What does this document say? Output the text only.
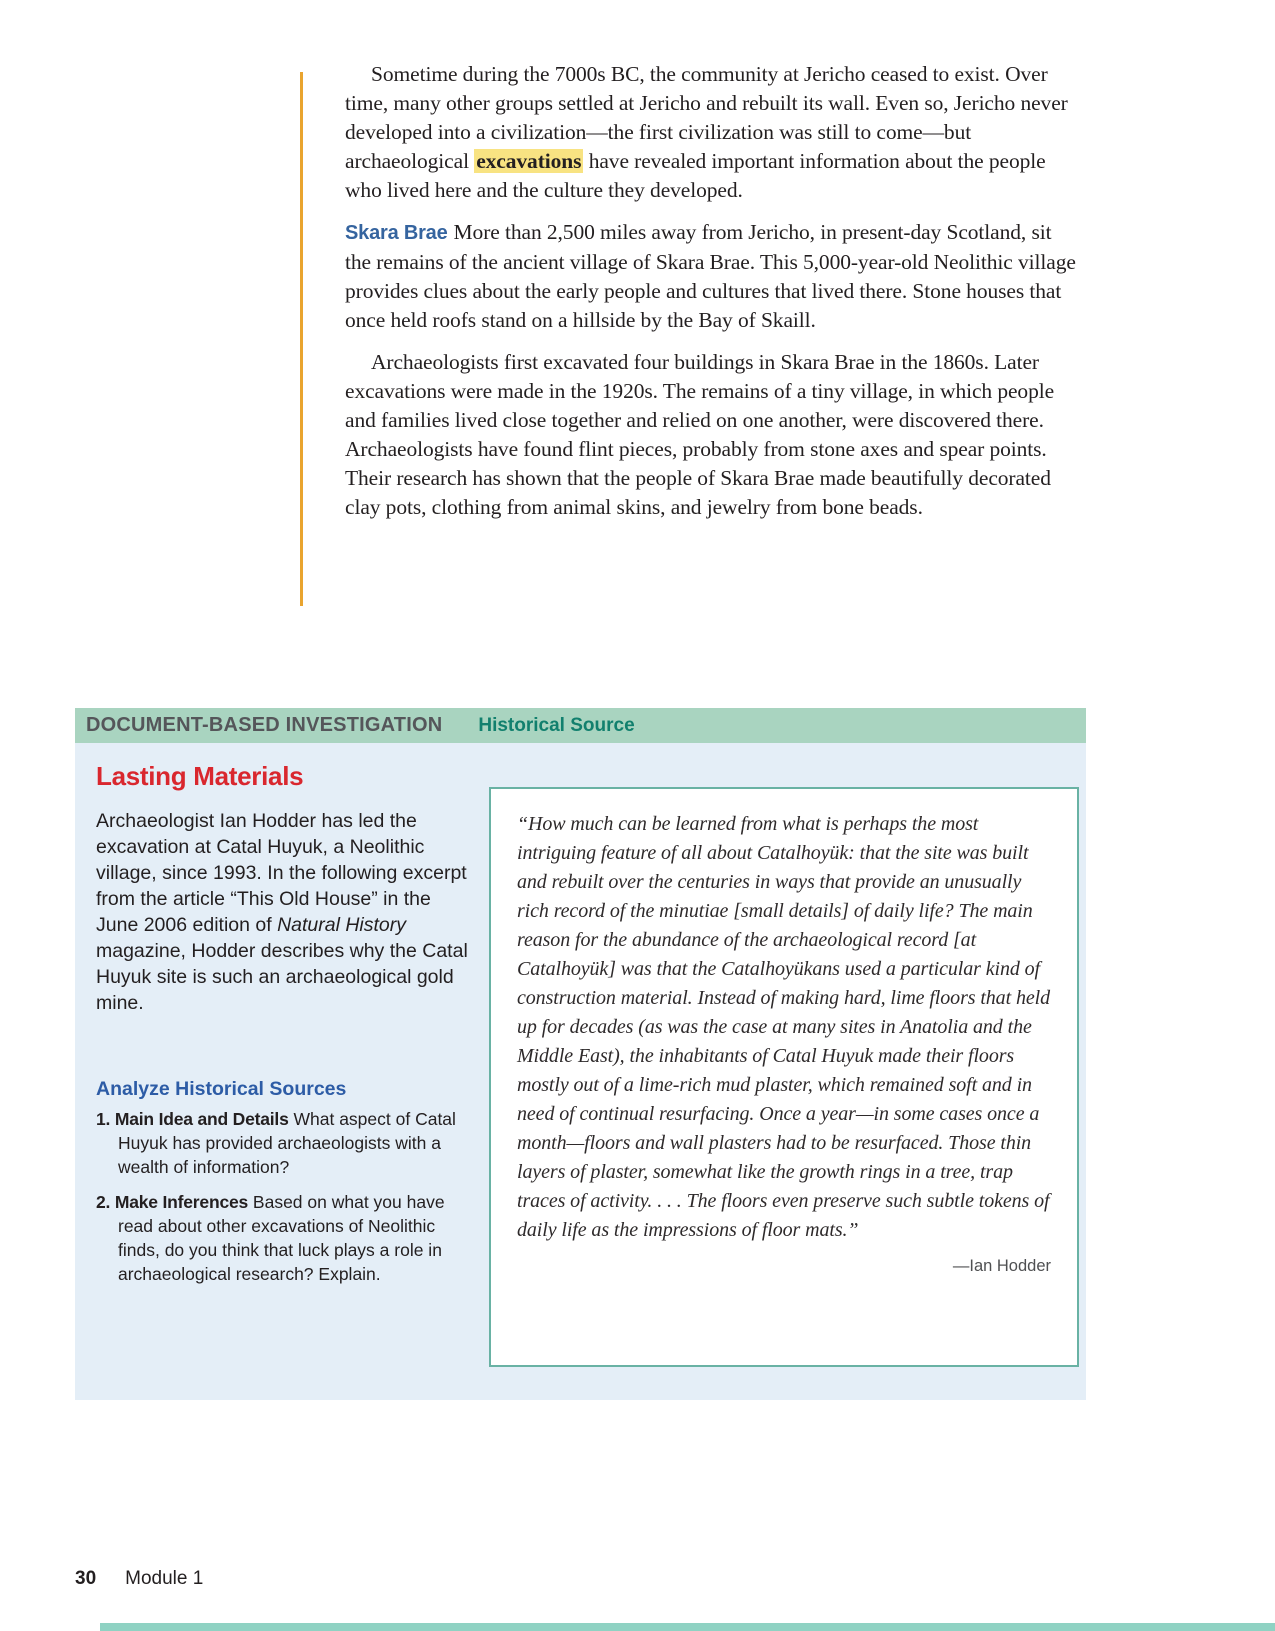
Sometime during the 7000s BC, the community at Jericho ceased to exist. Over time, many other groups settled at Jericho and rebuilt its wall. Even so, Jericho never developed into a civilization—the first civilization was still to come—but archaeological excavations have revealed important information about the people who lived here and the culture they developed.

Skara Brae More than 2,500 miles away from Jericho, in present-day Scotland, sit the remains of the ancient village of Skara Brae. This 5,000-year-old Neolithic village provides clues about the early people and cultures that lived there. Stone houses that once held roofs stand on a hillside by the Bay of Skaill.

Archaeologists first excavated four buildings in Skara Brae in the 1860s. Later excavations were made in the 1920s. The remains of a tiny village, in which people and families lived close together and relied on one another, were discovered there. Archaeologists have found flint pieces, probably from stone axes and spear points. Their research has shown that the people of Skara Brae made beautifully decorated clay pots, clothing from animal skins, and jewelry from bone beads.

DOCUMENT-BASED INVESTIGATION Historical Source
Lasting Materials

Archaeologist Ian Hodder has led the excavation at Catal Huyuk, a Neolithic village, since 1993. In the following excerpt from the article “This Old House” in the June 2006 edition of Natural History magazine, Hodder describes why the Catal Huyuk site is such an archaeological gold mine.

Analyze Historical Sources

1. Main Idea and Details What aspect of Catal Huyuk has provided archaeologists with a wealth of information?

2. Make Inferences Based on what you have read about other excavations of Neolithic finds, do you think that luck plays a role in archaeological research? Explain.

“How much can be learned from what is perhaps the most intriguing feature of all about Catalhoyük: that the site was built and rebuilt over the centuries in ways that provide an unusually rich record of the minutiae [small details] of daily life? The main reason for the abundance of the archaeological record [at Catalhoyük] was that the Catalhoyükans used a particular kind of construction material. Instead of making hard, lime floors that held up for decades (as was the case at many sites in Anatolia and the Middle East), the inhabitants of Catal Huyuk made their floors mostly out of a lime-rich mud plaster, which remained soft and in need of continual resurfacing. Once a year—in some cases once a month—floors and wall plasters had to be resurfaced. Those thin layers of plaster, somewhat like the growth rings in a tree, trap traces of activity. . . . The floors even preserve such subtle tokens of daily life as the impressions of floor mats.”

—Ian Hodder
30 Module 1
